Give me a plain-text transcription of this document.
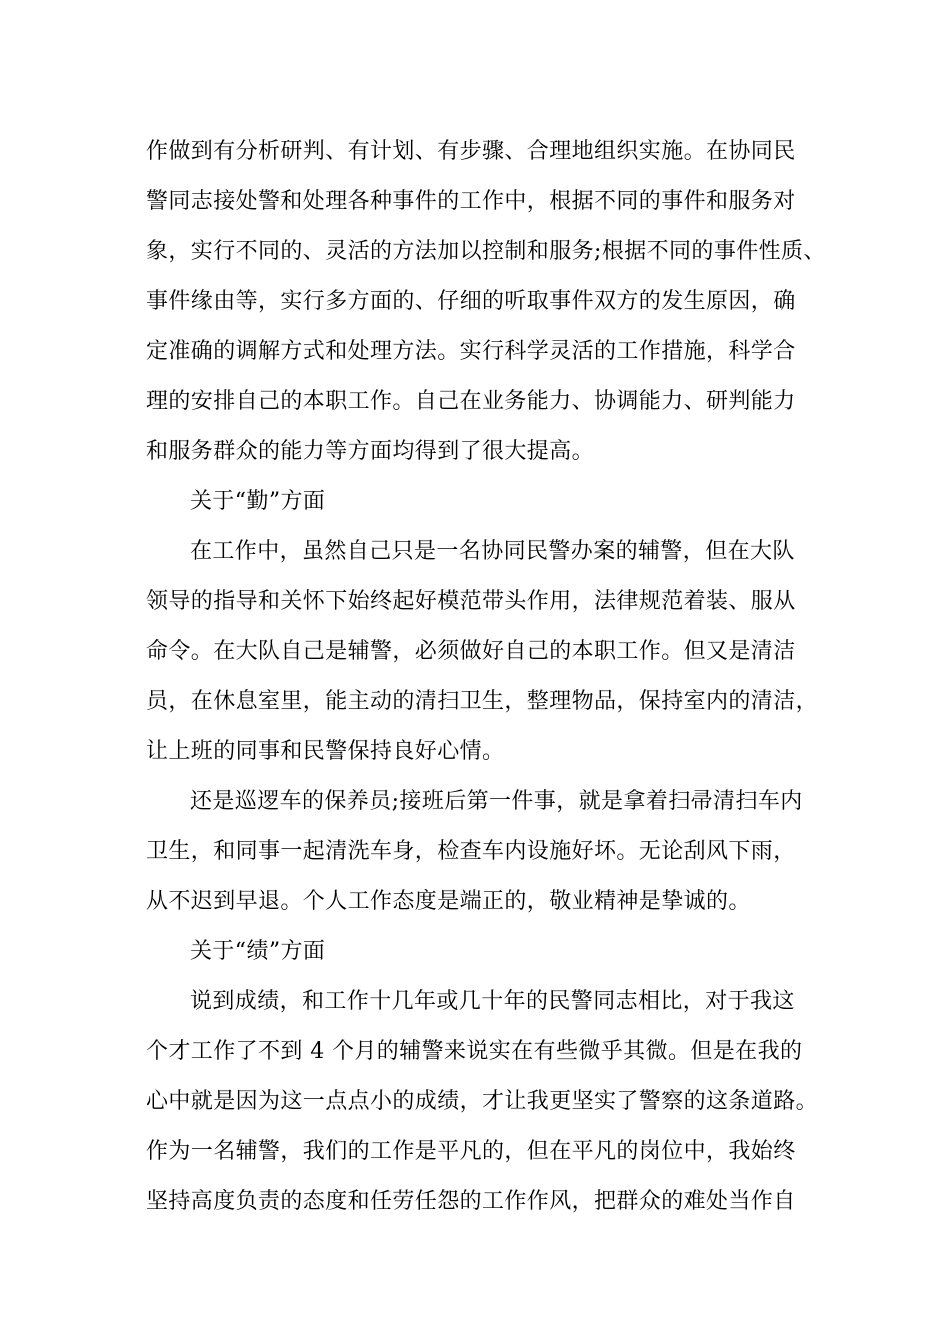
作做到有分析研判、有计划、有步骤、合理地组织实施。在协同民
警同志接处警和处理各种事件的工作中，根据不同的事件和服务对
象，实行不同的、灵活的方法加以控制和服务;根据不同的事件性质、
事件缘由等，实行多方面的、仔细的听取事件双方的发生原因，确
定准确的调解方式和处理方法。实行科学灵活的工作措施，科学合
理的安排自己的本职工作。自己在业务能力、协调能力、研判能力
和服务群众的能力等方面均得到了很大提高。
关于“勤”方面
在工作中，虽然自己只是一名协同民警办案的辅警，但在大队
领导的指导和关怀下始终起好模范带头作用，法律规范着装、服从
命令。在大队自己是辅警，必须做好自己的本职工作。但又是清洁
员，在休息室里，能主动的清扫卫生，整理物品，保持室内的清洁，
让上班的同事和民警保持良好心情。
还是巡逻车的保养员;接班后第一件事，就是拿着扫帚清扫车内
卫生，和同事一起清洗车身，检查车内设施好坏。无论刮风下雨，
从不迟到早退。个人工作态度是端正的，敬业精神是挚诚的。
关于“绩”方面
说到成绩，和工作十几年或几十年的民警同志相比，对于我这
个才工作了不到 4 个月的辅警来说实在有些微乎其微。但是在我的
心中就是因为这一点点小的成绩，才让我更坚实了警察的这条道路。
作为一名辅警，我们的工作是平凡的，但在平凡的岗位中，我始终
坚持高度负责的态度和任劳任怨的工作作风，把群众的难处当作自
